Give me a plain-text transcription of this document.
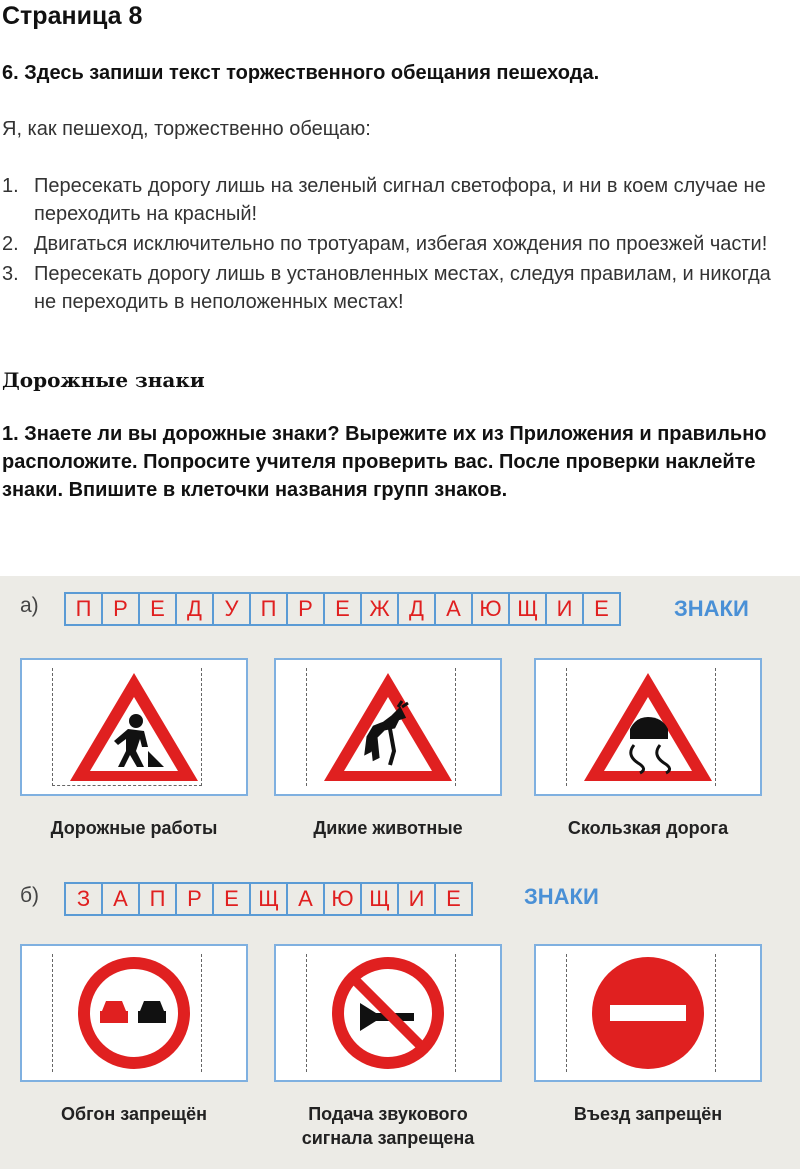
Страница 8
6. Здесь запиши текст торжественного обещания пешехода.
Я, как пешеход, торжественно обещаю:
1. Пересекать дорогу лишь на зеленый сигнал светофора, и ни в коем случае не переходить на красный!
2. Двигаться исключительно по тротуарам, избегая хождения по проезжей части!
3. Пересекать дорогу лишь в установленных местах, следуя правилам, и никогда не переходить в неположенных местах!
Дорожные знаки
1. Знаете ли вы дорожные знаки? Вырежите их из Приложения и правильно расположите. Попросите учителя проверить вас. После проверки наклейте знаки. Впишите в клеточки названия групп знаков.
а)	П Р	Е	Д	У	П Р	Е Ж Д	А Ю Щ И Е	ЗНАКИ
Дорожные работы	Дикие животные	Скользкая дорога
б)	З	А П Р	Е Щ А Ю Щ И Е	ЗНАКИ
Обгон запрещён	Подача звукового
сигнала запрещена
Въезд запрещён
